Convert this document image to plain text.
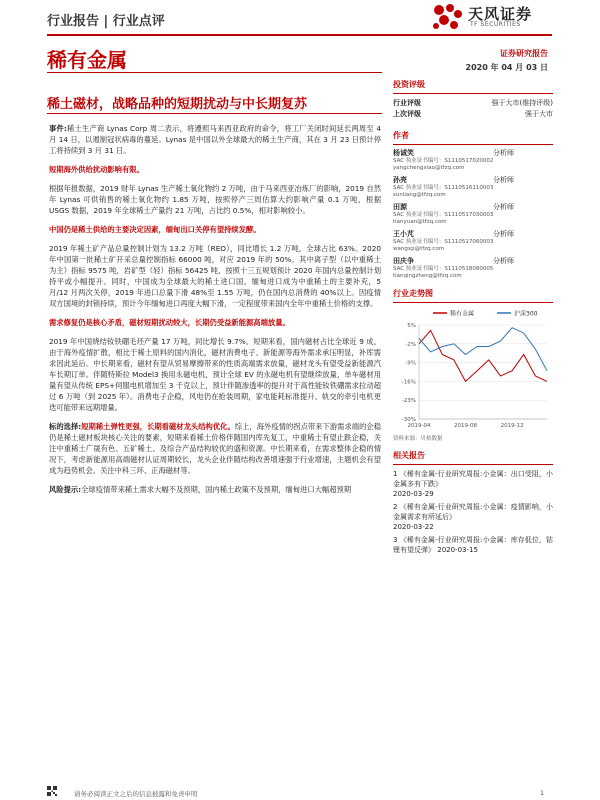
行业报告 | 行业点评	天风证券
TF SECURITIES
稀有金属	证券研究报告
2020 年 04 月 03 日
稀土磁材，战略品种的短期扰动与中长期复苏

事件:稀土生产商 Lynas Corp 周二表示，将遵照马来西亚政府的命令，将工厂关闭时间延长两周至 4 月 14 日，以遏制冠状病毒的蔓延。Lynas 是中国以外全球最大的稀土生产商，其在 3 月 23 日预计停工将持续到 3 月 31 日。

短期海外供给扰动影响有限。

根据年报数据，2019 财年 Lynas 生产稀土氧化物约 2 万吨，由于马来西亚冶炼厂的影响，2019 自然年 Lynas 可供销售的稀土氧化物约 1.85 万吨，按照停产三周估算大约影响产量 0.1 万吨，根据 USGS 数据，2019 年全球稀土产量约 21 万吨，占比约 0.5%，相对影响较小。

中国仍是稀土供给的主要决定因素，缅甸出口关停有望持续发酵。

2019 年稀土矿产品总量控制计划为 13.2 万吨（REO），同比增长 1.2 万吨，全球占比 63%。2020 年中国第一批稀土矿开采总量控制指标 66000 吨，对应 2019 年的 50%。其中离子型（以中重稀土为主）指标 9575 吨，岩矿型（轻）指标 56425 吨，按照十三五规划预计 2020 年国内总量控制计划持平或小幅提升。同时，中国成为全球最大的稀土进口国，缅甸进口成为中重稀土的主要补充，5 月/12 月两次关停，2019 年进口总量下滑 48%至 1.55 万吨，仍在国内总消费的 40%以上。因疫情双方国境的封锁持续，预计今年缅甸进口再度大幅下滑，一定程度带来国内全年中重稀土价格的支撑。

需求修复仍是核心矛盾，磁材短期扰动较大，长期仍受益新能源高端放量。

2019 年中国烧结钕铁硼毛坯产量 17 万吨，同比增长 9.7%。短期来看，国内磁材占比全球近 9 成，由于海外疫情扩散，相比于稀土原料的国内消化，磁材消费电子、新能源等海外需求承压明显，补库需求因此延后。中长期来看，磁材有望从贸易摩擦带来的性质高端需求放量，磁材龙头有望受益新能源汽车长期订单。伴随特斯拉 Model3 换用永磁电机，预计全球 EV 的永磁电机有望继续放量，单车磁材用量有望从传统 EPS+伺服电机增加至 3 千克以上，预计伴随渗透率的提升对于高性能钕铁硼需求拉动超过 6 万吨（到 2025 年）。消费电子企稳，风电仍在抢装周期，家电能耗标准提升、轨交的牵引电机更迭可能带来远期增量。

标的选择:短期稀土弹性更强，长期看磁材龙头结构优化。综上，海外疫情的拐点带来下游需求端的企稳仍是稀土磁材板块核心关注的要素，短期来看稀土价格伴随国内库先复工，中重稀土有望止跌企稳，关注中重稀土广晟有色、五矿稀土、及综合产品结构较优的盛和资源。中长期来看，在需求整体企稳的情况下，考虑新能源用高端磁材认证周期较长，龙头企业伴随结构改善增速强于行业增速，主题机会有望成为趋势机会。关注中科三环、正海磁材等。

风险提示:全球疫情带来稀土需求大幅不及预期，国内稀土政策不及预期，缅甸进口大幅超预期

投资评级
行业评级	强于大市(维持评级)
上次评级	强于大市
作者
杨诚笑	分析师
SAC 执业证书编号：S1110517020002
yangchengxiao@tfzq.com
孙亮	分析师
SAC 执业证书编号：S1110516110003
sunliang@tfzq.com
田源	分析师
SAC 执业证书编号：S1110517030003
tianyuan@tfzq.com
王小芃	分析师
SAC 执业证书编号：S1110517060003
wangxp@tfzq.com
田庆争	分析师
SAC 执业证书编号：S1110518080005
tianqingzheng@tfzq.com
行业走势图
稀有金属	沪深300
5%
-2%
-9%
-16%
-23%
-30%
2019-04	2019-08	2019-12
资料来源：贝格数据
相关报告
1 《稀有金属-行业研究周报:小金属：出口受阻，小金属多有下跌》
2020-03-29
2 《稀有金属-行业研究周报:小金属：疫情影响，小金属需求有所延后》
2020-03-22
3 《稀有金属-行业研究周报:小金属：库存低位，钴锂有望反弹》 2020-03-15
请务必阅读正文之后的信息披露和免责申明	1
